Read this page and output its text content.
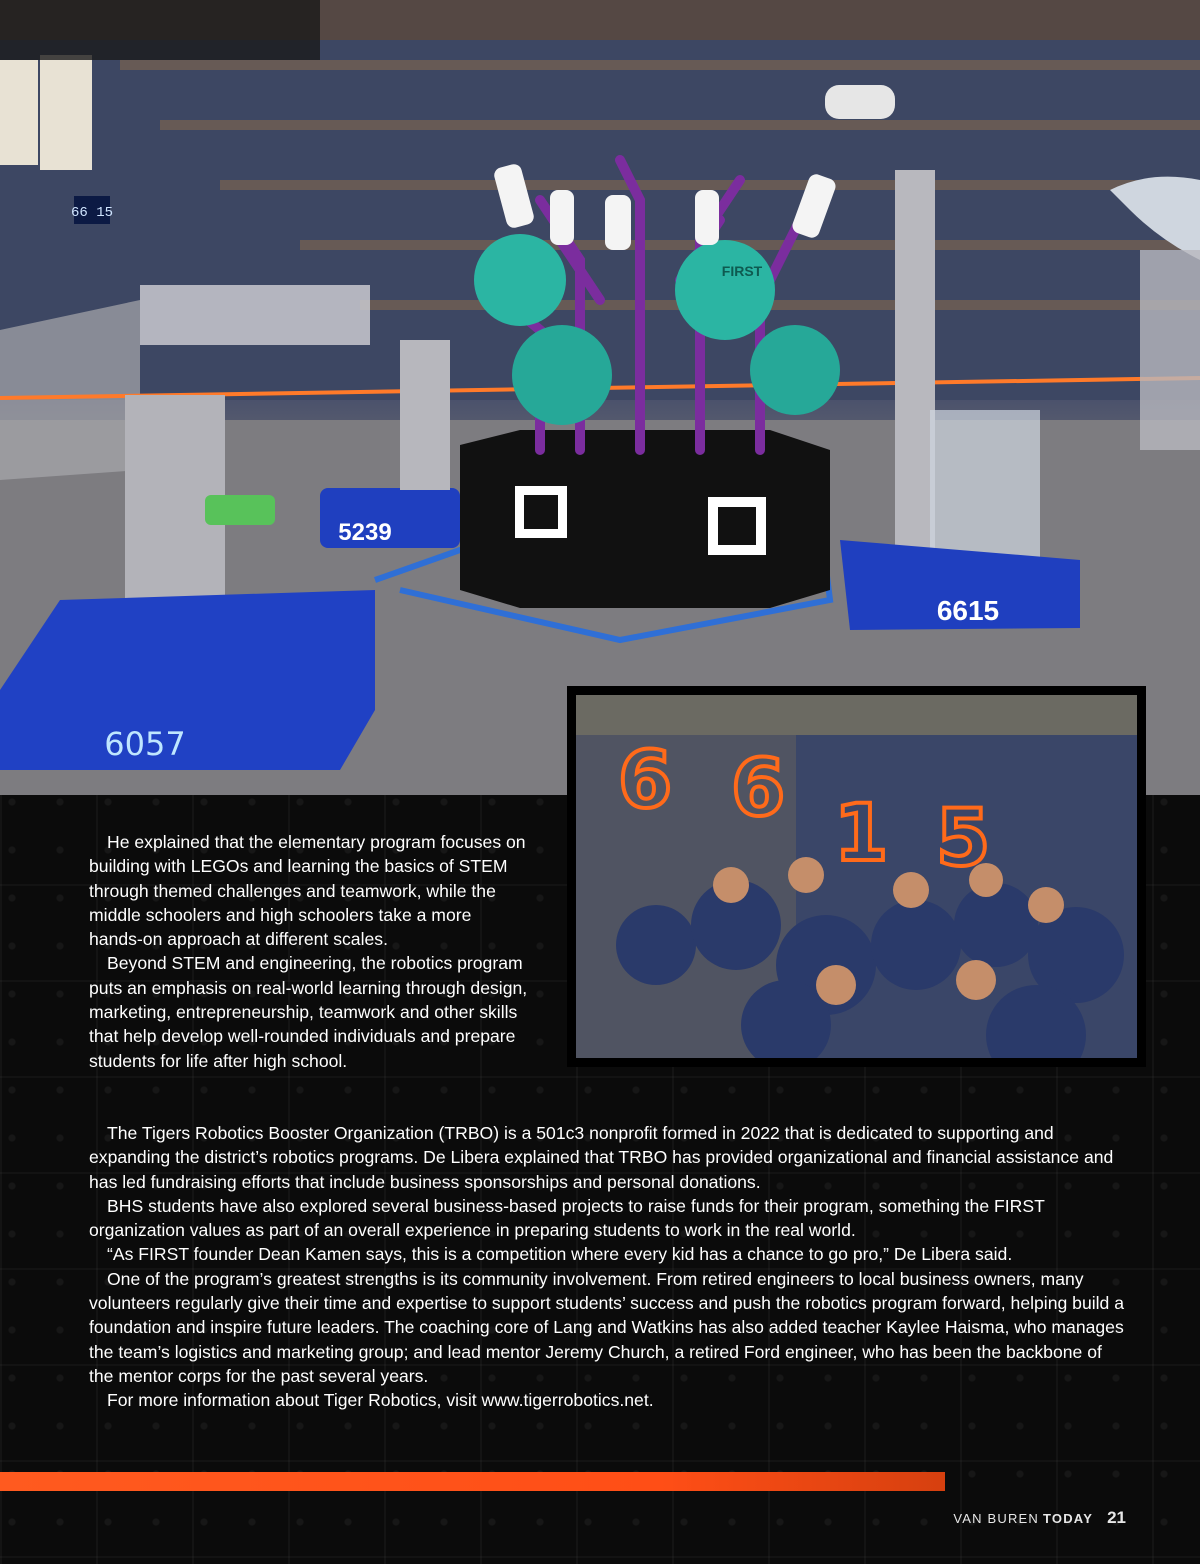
66 15
FIRST
5239
6615
6057	6 6 1 5

He explained that the elementary program focuses on building with LEGOs and learning the basics of STEM through themed challenges and teamwork, while the middle schoolers and high schoolers take a more hands-on approach at different scales.

Beyond STEM and engineering, the robotics program puts an emphasis on real-world learning through design, marketing, entrepreneurship, teamwork and other skills that help develop well-rounded individuals and prepare students for life after high school.

The Tigers Robotics Booster Organization (TRBO) is a 501c3 nonprofit formed in 2022 that is dedicated to supporting and expanding the district’s robotics programs. De Libera explained that TRBO has provided organizational and financial assistance and has led fundraising efforts that include business sponsorships and personal donations.

BHS students have also explored several business-based projects to raise funds for their program, something the FIRST organization values as part of an overall experience in preparing students to work in the real world.

“As FIRST founder Dean Kamen says, this is a competition where every kid has a chance to go pro,” De Libera said.

One of the program’s greatest strengths is its community involvement. From retired engineers to local business owners, many volunteers regularly give their time and expertise to support students’ success and push the robotics program forward, helping build a foundation and inspire future leaders. The coaching core of Lang and Watkins has also added teacher Kaylee Haisma, who manages the team’s logistics and marketing group; and lead mentor Jeremy Church, a retired Ford engineer, who has been the backbone of the mentor corps for the past several years.

For more information about Tiger Robotics, visit www.tigerrobotics.net.

VAN BUREN TODAY 21
